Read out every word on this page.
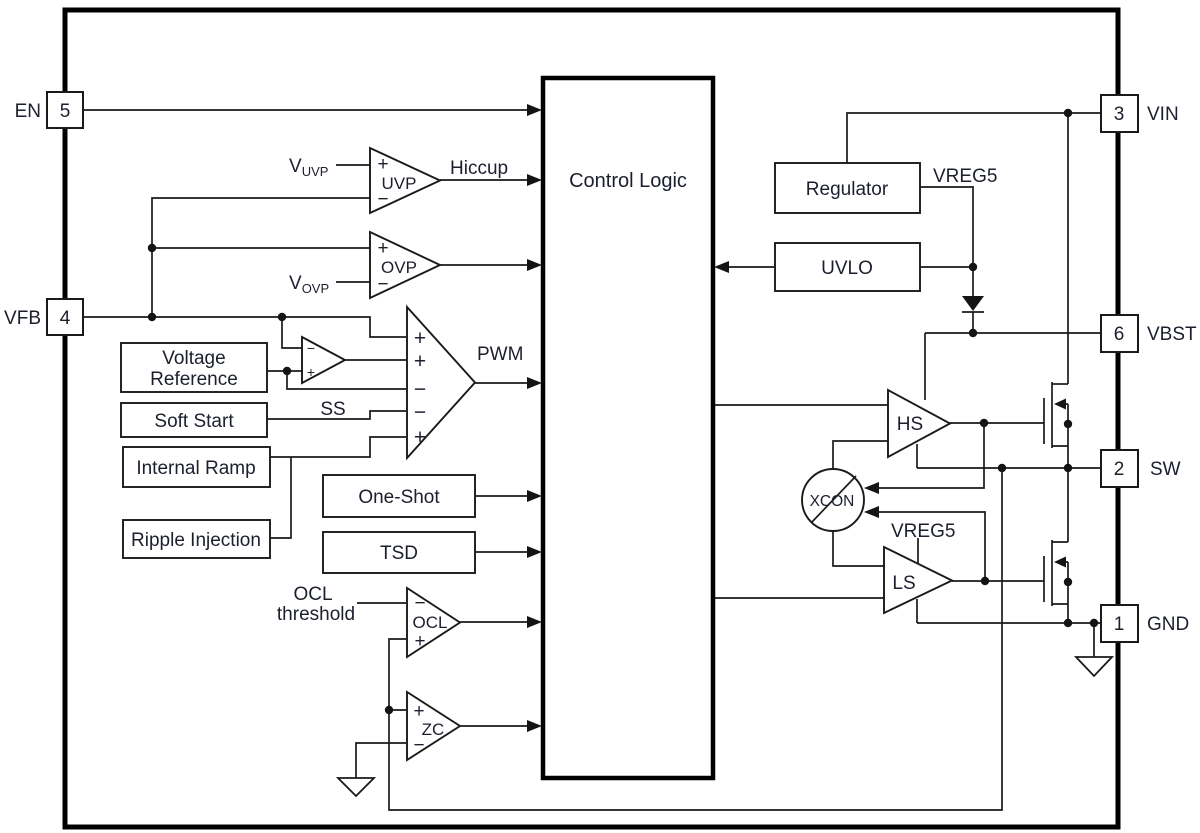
Control Logic
Voltage
Reference
Soft Start
Internal Ramp
Ripple Injection
One-Shot
TSD
Regulator
UVLO
+
UVP
−
+
OVP
−
−
+
+
+
−
−
+
−
OCL
+
+
ZC
−
HS
LS
XCON
5
EN
4
VFB
3 VIN
6 VBST
2 SW
1 GND
$V_{UVP}$
$V_{OVP}$
Hiccup
PWM
SS
OCL
threshold
VREG5
VREG5
